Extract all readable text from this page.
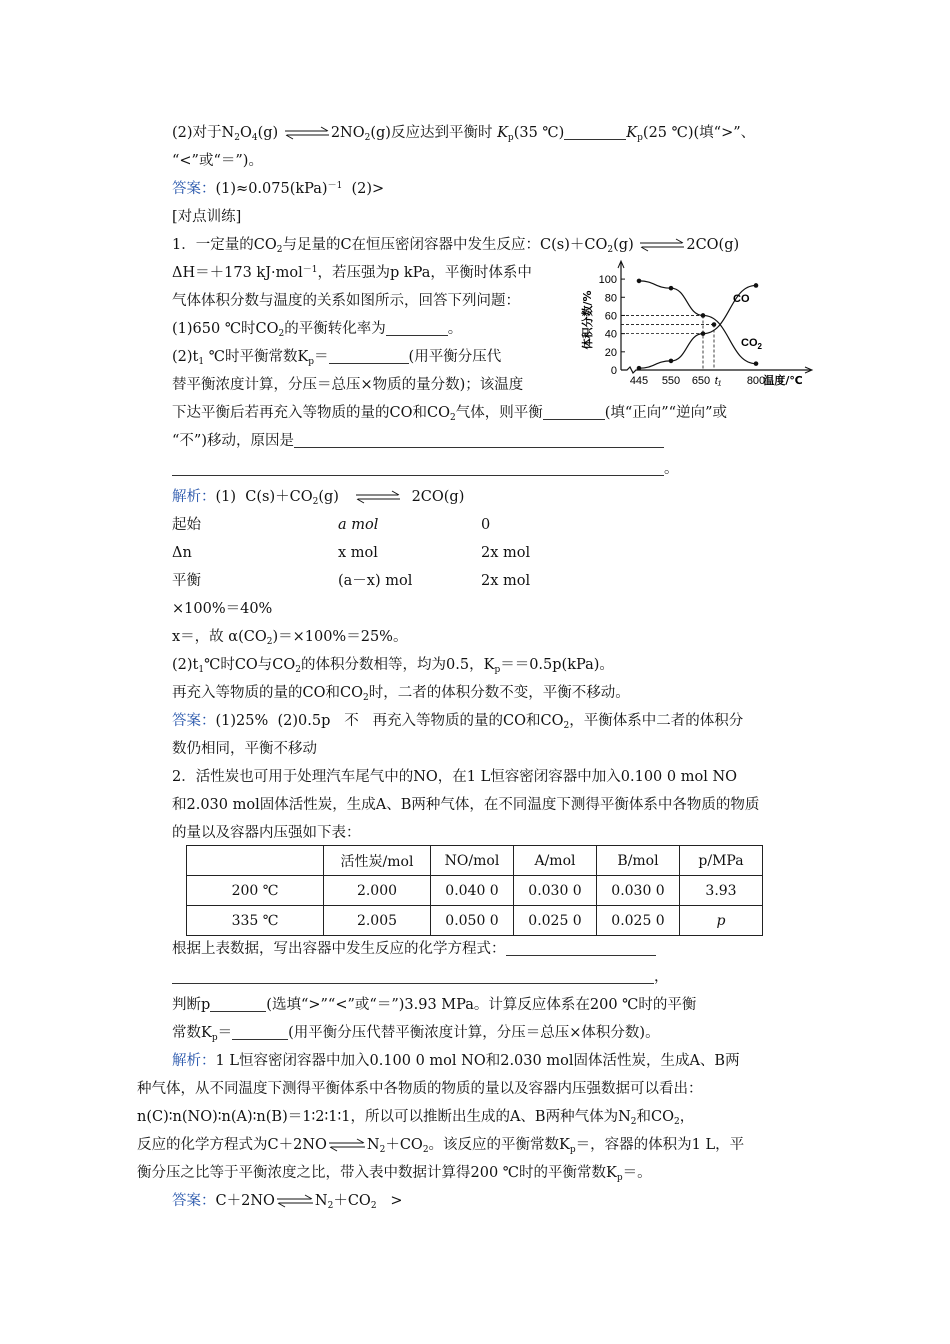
(2)对于$N_2O_4(g)$ $\rightleftharpoons 2NO_2(g)$反应达到平衡时 $K_p(35$ ℃)	$K_p(25$ ℃)(填“>”、
“<”或“＝”)。
答案：(1)≈0.075(kPa)$^{-1}$ (2)>
[对点训练]
1．一定量的$CO_2$与足量的C在恒压密闭容器中发生反应：$C(s)+CO_2(g)$ ⇌2CO(g)
ΔH＝＋173 kJ·mol$^{-1}$，若压强为p kPa，平衡时体系中
气体体积分数与温度的关系如图所示，回答下列问题：
(1)650 ℃时$CO_2$的平衡转化率为	。
$(2)t_1$ ℃时平衡常数$K_p=$	(用平衡分压代
替平衡浓度计算，分压＝总压×物质的量分数)；该温度
下达平衡后若再充入等物质的量的CO和$CO_2$气体，则平衡	(填“正向”“逆向”或
“不”)移动，原因是
。
0
20
40
60
80
100
445 550 650 t₁ 800
体积分数/%
温度/℃
CO
$CO_2$
解析：(1) $C(s)+CO_2(g)$ ⇌ 2CO(g)
起始	a mol	0
Δn	x mol	2x mol
平衡	(a－x) mol	2x mol
×100%＝40%
x＝，故 $\alpha(CO_2)=\times 100\%=25\%$。
$(2)t_1℃$时CO与$CO_2$的体积分数相等，均为0.5，$K_p==0.5p(kPa)$。
再充入等物质的量的CO和$CO_2$时，二者的体积分数不变，平衡不移动。
答案：(1)25% (2)0.5p 不 再充入等物质的量的CO和$CO_2$，平衡体系中二者的体积分
数仍相同，平衡不移动
2．活性炭也可用于处理汽车尾气中的NO，在1 L恒容密闭容器中加入0.100 0 mol NO
和2.030 mol固体活性炭，生成A、B两种气体，在不同温度下测得平衡体系中各物质的物质
的量以及容器内压强如下表：
	活性炭/mol	NO/mol	A/mol	B/mol	p/MPa
200 ℃	2.000	0.040 0	0.030 0	0.030 0	3.93
335 ℃	2.005	0.050 0	0.025 0	0.025 0	p
根据上表数据，写出容器中发生反应的化学方程式：
，
判断p	(选填“>”“<”或“＝”)3.93 MPa。计算反应体系在200 ℃时的平衡
常数$K_p=$	(用平衡分压代替平衡浓度计算，分压＝总压×体积分数)。
解析：1 L恒容密闭容器中加入0.100 0 mol NO和2.030 mol固体活性炭，生成A、B两
种气体，从不同温度下测得平衡体系中各物质的物质的量以及容器内压强数据可以看出：
n(C)∶n(NO)∶n(A)∶n(B)＝1∶2∶1∶1，所以可以推断出生成的A、B两种气体为$N_2$和$CO_2$，
反应的化学方程式为$C+2NO\rightleftharpoons N_2+CO_2$。该反应的平衡常数$K_p=$，容器的体积为1 L，平
衡分压之比等于平衡浓度之比，带入表中数据计算得200 ℃时的平衡常数$K_p=$。
答案：$C+2NO\rightleftharpoons N_2+CO_2$ >
